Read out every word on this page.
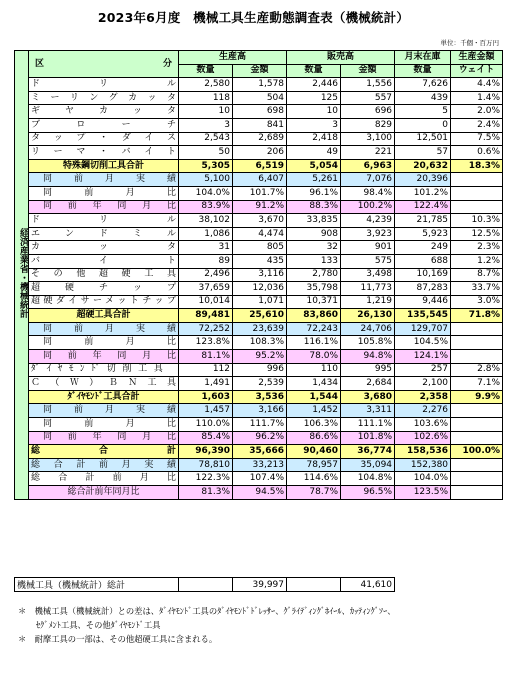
2023年6月度　機械工具生産動態調査表（機械統計）
単位：千個・百万円
経済産業省・機械統計	区　　　　分	生産高		販売高		月末在庫	生産金額
		数量	金額	数量	金額	数量	ウェイト
	ド　リ　ル	2,580	1,578	2,446	1,556	7,626	4.4%
	ミーリングカッタ	118	504	125	557	439	1.4%
	ギヤカッタ	10	698	10	696	5	2.0%
	ブローチ	3	841	3	829	0	2.4%
	タップ・ダイス	2,543	2,689	2,418	3,100	12,501	7.5%
	リーマ・バイト	50	206	49	221	57	0.6%
	特殊鋼切削工具合計	5,305	6,519	5,054	6,963	20,632	18.3%
	同前月実績	5,100	6,407	5,261	7,076	20,396	
	同　前　月　比	104.0%	101.7%	96.1%	98.4%	101.2%	
	同前年同月比	83.9%	91.2%	88.3%	100.2%	122.4%	
	ド　リ　ル	38,102	3,670	33,835	4,239	21,785	10.3%
	エンドミル	1,086	4,474	908	3,923	5,923	12.5%
	カッタ	31	805	32	901	249	2.3%
	バイト	89	435	133	575	688	1.2%
	その他超硬工具	2,496	3,116	2,780	3,498	10,169	8.7%
	超　硬　チ　ッ　プ	37,659	12,036	35,798	11,773	87,283	33.7%
	超硬ダイサーメットチップ	10,014	1,071	10,371	1,219	9,446	3.0%
	超硬工具合計	89,481	25,610	83,860	26,130	135,545	71.8%
	同前月実績	72,252	23,639	72,243	24,706	129,707	
	同　前　月　比	123.8%	108.3%	116.1%	105.8%	104.5%	
	同前年同月比	81.1%	95.2%	78.0%	94.8%	124.1%	
	ﾀﾞｲﾔﾓﾝﾄﾞ切削工具	112	996	110	995	257	2.8%
	Ｃ（Ｗ）ＢＮ工具	1,491	2,539	1,434	2,684	2,100	7.1%
	ﾀﾞｲﾔﾓﾝﾄﾞ工具合計	1,603	3,536	1,544	3,680	2,358	9.9%
	同前月実績	1,457	3,166	1,452	3,311	2,276	
	同　前　月　比	110.0%	111.7%	106.3%	111.1%	103.6%	
	同前年同月比	85.4%	96.2%	86.6%	101.8%	102.6%	
	総　　　合　　　計	96,390	35,666	90,460	36,774	158,536	100.0%
	総合計前月実績	78,810	33,213	78,957	35,094	152,380	
	総合計前月比	122.3%	107.4%	114.6%	104.8%	104.0%	
	総合計前年同月比	81.3%	94.5%	78.7%	96.5%	123.5%	
機械工具（機械統計）総計		39,997		41,610		
＊　機械工具（機械統計）との差は、ﾀﾞｲﾔﾓﾝﾄﾞ工具のﾀﾞｲﾔﾓﾝﾄﾞﾄﾞﾚｯｻｰ、ｸﾞﾗｲﾃﾞｨﾝｸﾞﾎｲｰﾙ、ｶｯﾃｨﾝｸﾞｿｰ、
ｾｸﾞﾒﾝﾄ工具、その他ﾀﾞｲﾔﾓﾝﾄﾞ工具
＊　耐摩工具の一部は、その他超硬工具に含まれる。
